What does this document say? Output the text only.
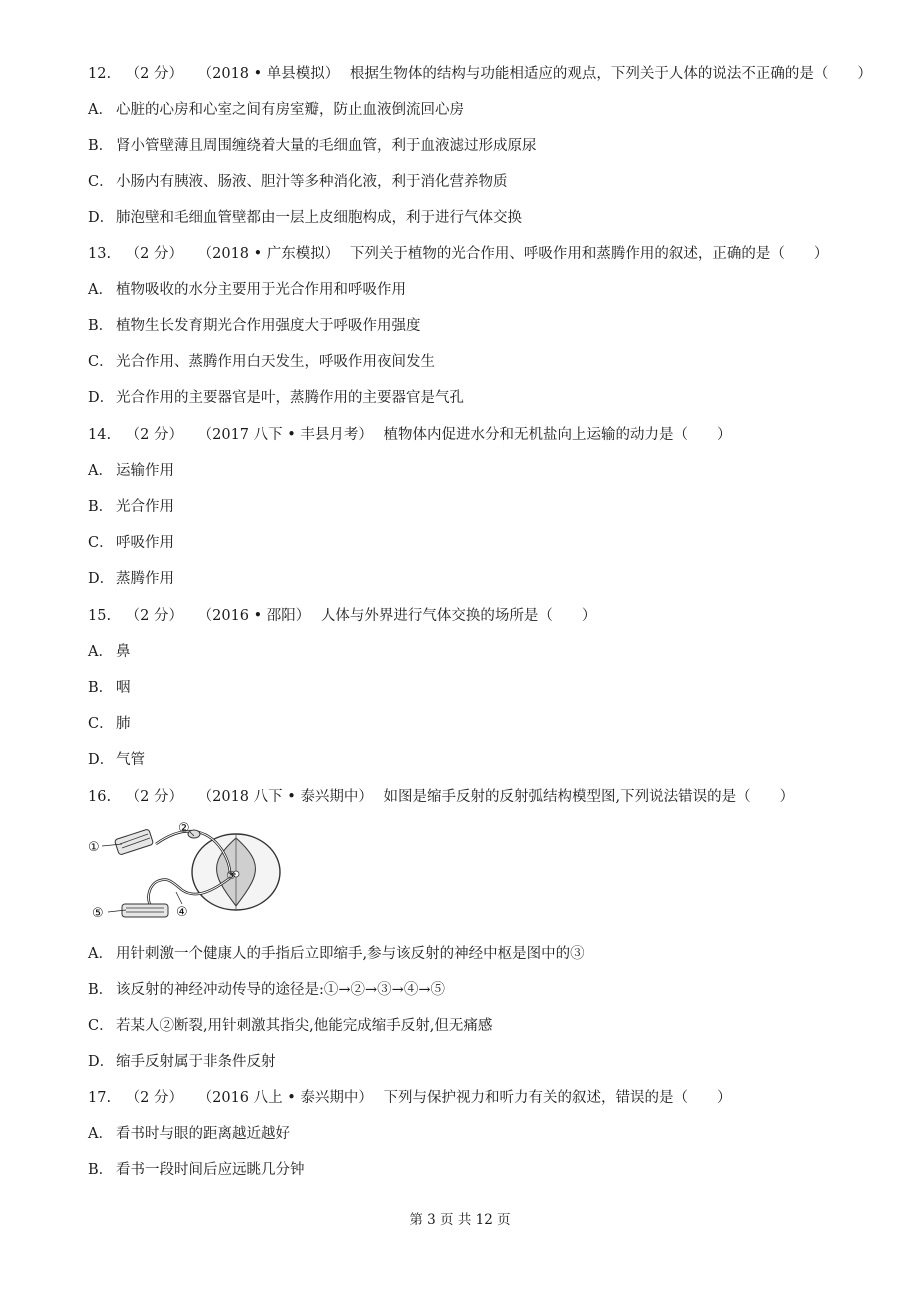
12. （2 分） （2018 • 单县模拟） 根据生物体的结构与功能相适应的观点，下列关于人体的说法不正确的是（　　）
A． 心脏的心房和心室之间有房室瓣，防止血液倒流回心房
B． 肾小管壁薄且周围缠绕着大量的毛细血管，利于血液滤过形成原尿
C． 小肠内有胰液、肠液、胆汁等多种消化液，利于消化营养物质
D． 肺泡壁和毛细血管壁都由一层上皮细胞构成，利于进行气体交换
13. （2 分） （2018 • 广东模拟） 下列关于植物的光合作用、呼吸作用和蒸腾作用的叙述，正确的是（　　）
A． 植物吸收的水分主要用于光合作用和呼吸作用
B． 植物生长发育期光合作用强度大于呼吸作用强度
C． 光合作用、蒸腾作用白天发生，呼吸作用夜间发生
D． 光合作用的主要器官是叶，蒸腾作用的主要器官是气孔
14. （2 分） （2017 八下 • 丰县月考） 植物体内促进水分和无机盐向上运输的动力是（　　）
A． 运输作用
B． 光合作用
C． 呼吸作用
D． 蒸腾作用
15. （2 分） （2016 • 邵阳） 人体与外界进行气体交换的场所是（　　）
A． 鼻
B． 咽
C． 肺
D． 气管
16. （2 分） （2018 八下 • 泰兴期中） 如图是缩手反射的反射弧结构模型图,下列说法错误的是（　　）
①
②
③
④
⑤
A． 用针刺激一个健康人的手指后立即缩手,参与该反射的神经中枢是图中的③
B． 该反射的神经冲动传导的途径是:①→②→③→④→⑤
C． 若某人②断裂,用针刺激其指尖,他能完成缩手反射,但无痛感
D． 缩手反射属于非条件反射
17. （2 分） （2016 八上 • 泰兴期中） 下列与保护视力和听力有关的叙述，错误的是（　　）
A． 看书时与眼的距离越近越好
B． 看书一段时间后应远眺几分钟
第 3 页 共 12 页
